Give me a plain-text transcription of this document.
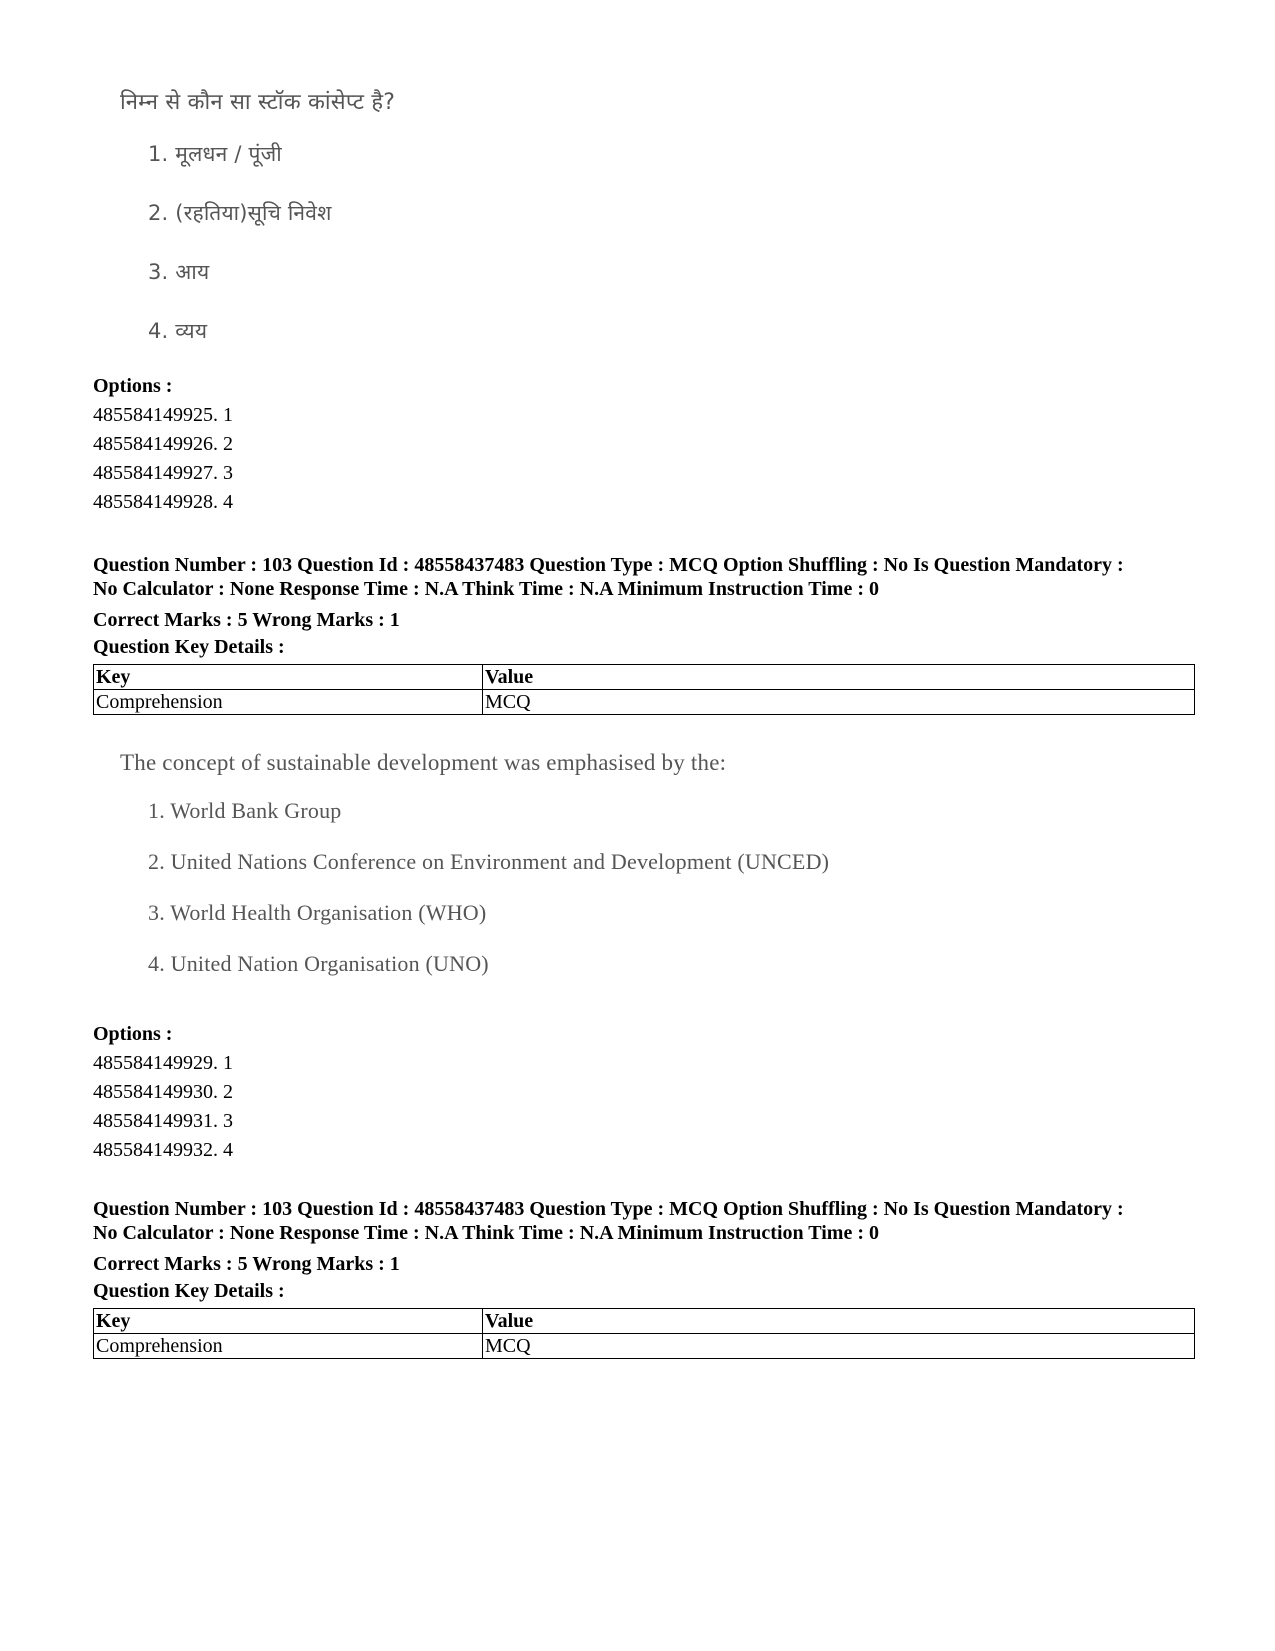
निम्न से कौन सा स्टॉक कांसेप्ट है?
1. मूलधन / पूंजी
2. (रहतिया)सूचि निवेश
3. आय
4. व्यय
Options :
485584149925. 1
485584149926. 2
485584149927. 3
485584149928. 4
Question Number : 103 Question Id : 48558437483 Question Type : MCQ Option Shuffling : No Is Question Mandatory :
No Calculator : None Response Time : N.A Think Time : N.A Minimum Instruction Time : 0
Correct Marks : 5 Wrong Marks : 1
Question Key Details :
Key	Value
Comprehension	MCQ
The concept of sustainable development was emphasised by the:
1. World Bank Group
2. United Nations Conference on Environment and Development (UNCED)
3. World Health Organisation (WHO)
4. United Nation Organisation (UNO)
Options :
485584149929. 1
485584149930. 2
485584149931. 3
485584149932. 4
Question Number : 103 Question Id : 48558437483 Question Type : MCQ Option Shuffling : No Is Question Mandatory :
No Calculator : None Response Time : N.A Think Time : N.A Minimum Instruction Time : 0
Correct Marks : 5 Wrong Marks : 1
Question Key Details :
Key	Value
Comprehension	MCQ
